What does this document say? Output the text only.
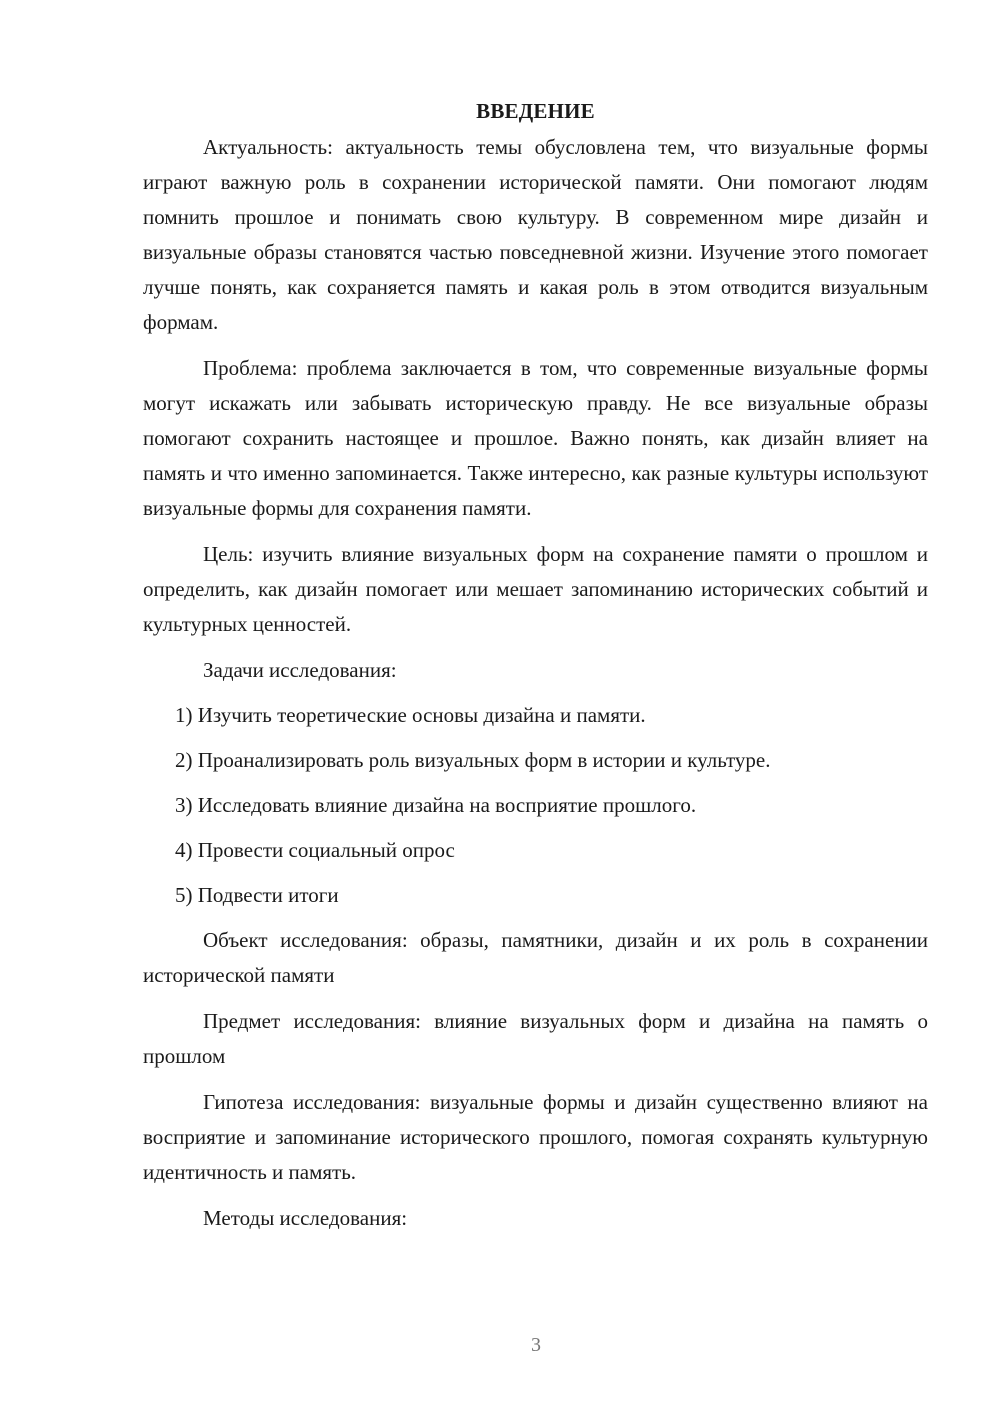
ВВЕДЕНИЕ

Актуальность: актуальность темы обусловлена тем, что визуальные формы играют важную роль в сохранении исторической памяти. Они помогают людям помнить прошлое и понимать свою культуру. В современном мире дизайн и визуальные образы становятся частью повседневной жизни. Изучение этого помогает лучше понять, как сохраняется память и какая роль в этом отводится визуальным формам.

Проблема: проблема заключается в том, что современные визуальные формы могут искажать или забывать историческую правду. Не все визуальные образы помогают сохранить настоящее и прошлое. Важно понять, как дизайн влияет на память и что именно запоминается. Также интересно, как разные культуры используют визуальные формы для сохранения памяти.

Цель: изучить влияние визуальных форм на сохранение памяти о прошлом и определить, как дизайн помогает или мешает запоминанию исторических событий и культурных ценностей.

Задачи исследования:

1) Изучить теоретические основы дизайна и памяти.
2) Проанализировать роль визуальных форм в истории и культуре.
3) Исследовать влияние дизайна на восприятие прошлого.
4) Провести социальный опрос
5) Подвести итоги

Объект исследования: образы, памятники, дизайн и их роль в сохранении исторической памяти

Предмет исследования: влияние визуальных форм и дизайна на память о прошлом

Гипотеза исследования: визуальные формы и дизайн существенно влияют на восприятие и запоминание исторического прошлого, помогая сохранять культурную идентичность и память.

Методы исследования:

3
